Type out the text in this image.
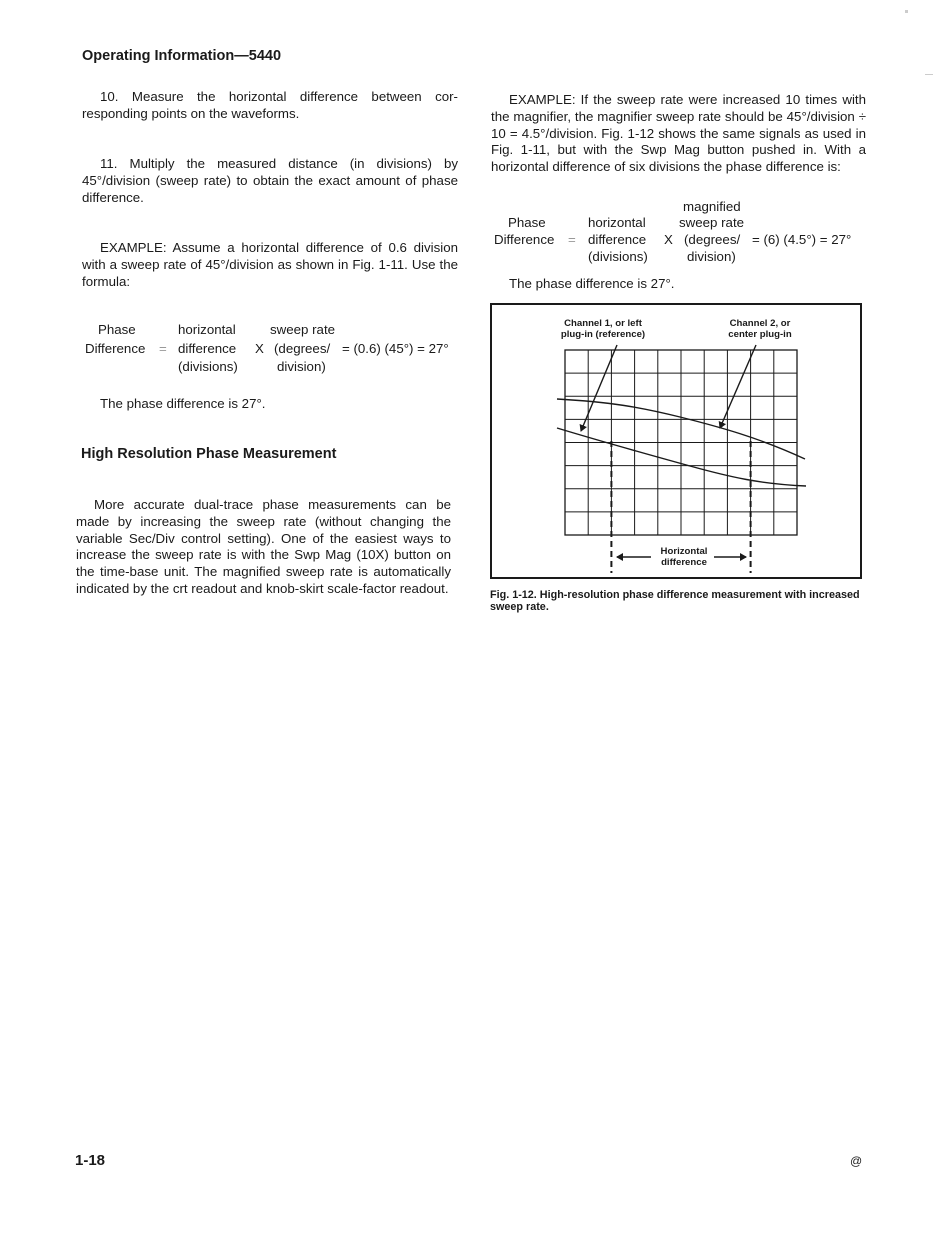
Operating Information—5440
10. Measure the horizontal difference between cor-responding points on the waveforms.
11. Multiply the measured distance (in divisions) by 45°/division (sweep rate) to obtain the exact amount of phase difference.
EXAMPLE: Assume a horizontal difference of 0.6 division with a sweep rate of 45°/division as shown in Fig. 1-11. Use the formula:
Phase
Difference =
horizontal
difference
(divisions)
X
sweep rate
(degrees/
division)
= (0.6) (45°) = 27°
The phase difference is 27°.
High Resolution Phase Measurement
More accurate dual-trace phase measurements can be made by increasing the sweep rate (without changing the variable Sec/Div control setting). One of the easiest ways to increase the sweep rate is with the Swp Mag (10X) button on the time-base unit. The magnified sweep rate is automatically indicated by the crt readout and knob-skirt scale-factor readout.
EXAMPLE: If the sweep rate were increased 10 times with the magnifier, the magnifier sweep rate should be 45°/division ÷ 10 = 4.5°/division. Fig. 1-12 shows the same signals as used in Fig. 1-11, but with the Swp Mag button pushed in. With a horizontal difference of six divisions the phase difference is:
magnified
Phase
Difference =
horizontal
difference
(divisions)
X
sweep rate
(degrees/
division)
= (6) (4.5°) = 27°
The phase difference is 27°.
Channel 1, or left
plug-in (reference)
Channel 2, or
center plug-in
Horizontal
difference
Fig. 1-12. High-resolution phase difference measurement with increased sweep rate.
1-18	@
